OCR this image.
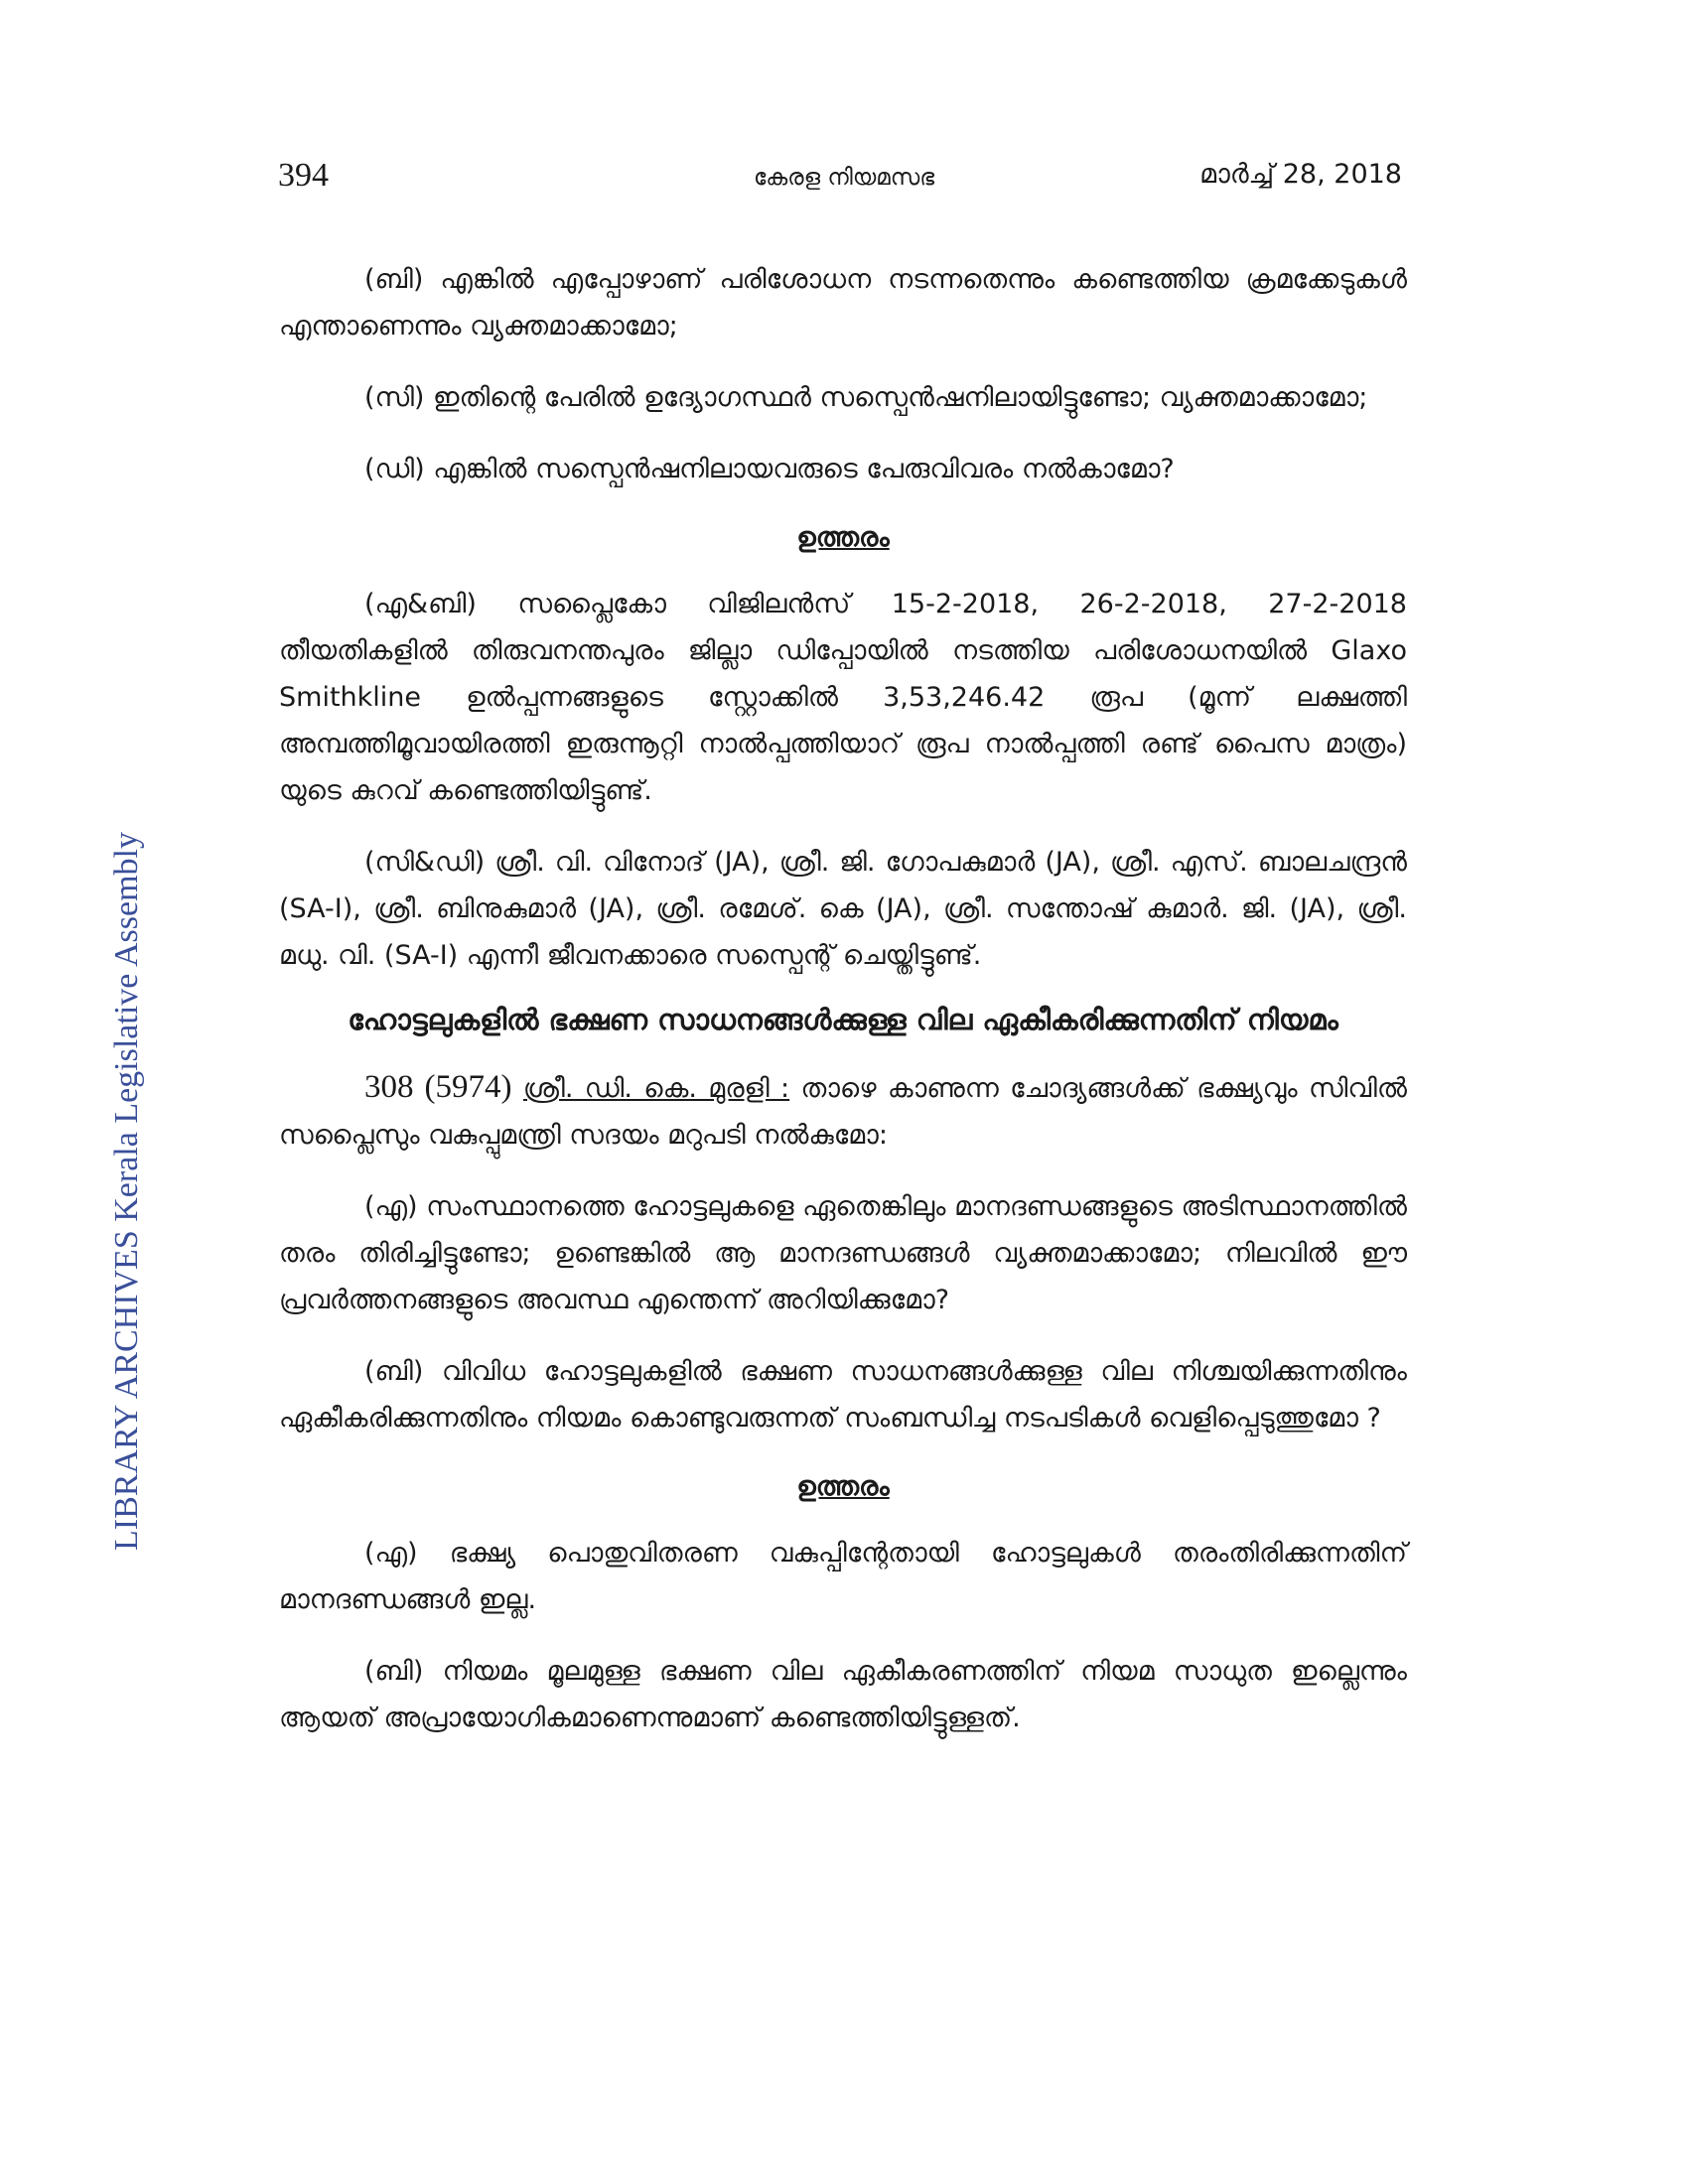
394	കേരള നിയമസഭ	മാർച്ച് 28, 2018
LIBRARY ARCHIVES Kerala Legislative Assembly

(ബി) എങ്കിൽ എപ്പോഴാണ് പരിശോധന നടന്നതെന്നും കണ്ടെത്തിയ ക്രമക്കേടുകൾ എന്താണെന്നും വ്യക്തമാക്കാമോ;

(സി) ഇതിന്റെ പേരിൽ ഉദ്യോഗസ്ഥർ സസ്പെൻഷനിലായിട്ടുണ്ടോ; വ്യക്തമാക്കാമോ;

(ഡി) എങ്കിൽ സസ്പെൻഷനിലായവരുടെ പേരുവിവരം നൽകാമോ?

ഉത്തരം

(എ&ബി) സപ്ലൈകോ വിജിലൻസ് 15-2-2018, 26-2-2018, 27-2-2018 തീയതികളിൽ തിരുവനന്തപുരം ജില്ലാ ഡിപ്പോയിൽ നടത്തിയ പരിശോധനയിൽ Glaxo Smithkline ഉൽപ്പന്നങ്ങളുടെ സ്റ്റോക്കിൽ 3,53,246.42 രൂപ (മൂന്ന് ലക്ഷത്തി അമ്പത്തിമൂവായിരത്തി ഇരുന്നൂറ്റി നാൽപ്പത്തിയാറ് രൂപ നാൽപ്പത്തി രണ്ട് പൈസ മാത്രം) യുടെ കുറവ് കണ്ടെത്തിയിട്ടുണ്ട്.

(സി&ഡി) ശ്രീ. വി. വിനോദ് (JA), ശ്രീ. ജി. ഗോപകുമാർ (JA), ശ്രീ. എസ്. ബാലചന്ദ്രൻ (SA-I), ശ്രീ. ബിനുകുമാർ (JA), ശ്രീ. രമേശ്. കെ (JA), ശ്രീ. സന്തോഷ് കുമാർ. ജി. (JA), ശ്രീ. മധു. വി. (SA-I) എന്നീ ജീവനക്കാരെ സസ്പെന്റ് ചെയ്തിട്ടുണ്ട്.

ഹോട്ടലുകളിൽ ഭക്ഷണ സാധനങ്ങൾക്കുള്ള വില ഏകീകരിക്കുന്നതിന് നിയമം

308 (5974) ശ്രീ. ഡി. കെ. മുരളി : താഴെ കാണുന്ന ചോദ്യങ്ങൾക്ക് ഭക്ഷ്യവും സിവിൽ സപ്ലൈസും വകുപ്പുമന്ത്രി സദയം മറുപടി നൽകുമോ:

(എ) സംസ്ഥാനത്തെ ഹോട്ടലുകളെ ഏതെങ്കിലും മാനദണ്ഡങ്ങളുടെ അടിസ്ഥാനത്തിൽ തരം തിരിച്ചിട്ടുണ്ടോ; ഉണ്ടെങ്കിൽ ആ മാനദണ്ഡങ്ങൾ വ്യക്തമാക്കാമോ; നിലവിൽ ഈ പ്രവർത്തനങ്ങളുടെ അവസ്ഥ എന്തെന്ന് അറിയിക്കുമോ?

(ബി) വിവിധ ഹോട്ടലുകളിൽ ഭക്ഷണ സാധനങ്ങൾക്കുള്ള വില നിശ്ചയിക്കുന്നതിനും ഏകീകരിക്കുന്നതിനും നിയമം കൊണ്ടുവരുന്നത് സംബന്ധിച്ച നടപടികൾ വെളിപ്പെടുത്തുമോ ?

ഉത്തരം

(എ) ഭക്ഷ്യ പൊതുവിതരണ വകുപ്പിന്റേതായി ഹോട്ടലുകൾ തരംതിരിക്കുന്നതിന് മാനദണ്ഡങ്ങൾ ഇല്ല.

(ബി) നിയമം മൂലമുള്ള ഭക്ഷണ വില ഏകീകരണത്തിന് നിയമ സാധുത ഇല്ലെന്നും ആയത് അപ്രായോഗികമാണെന്നുമാണ് കണ്ടെത്തിയിട്ടുള്ളത്.
